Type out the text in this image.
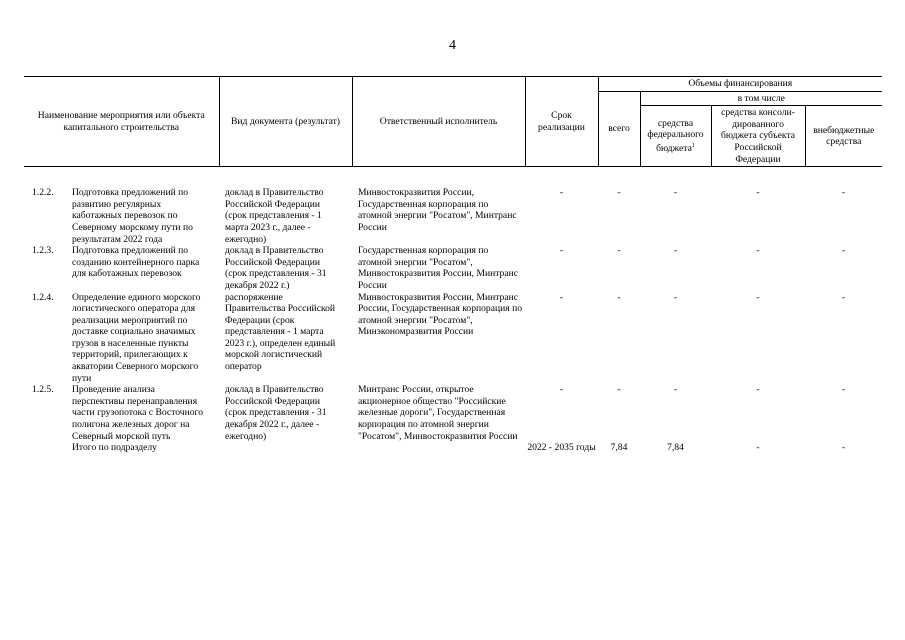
4
Наименование мероприятия или объекта капитального строительства	Вид документа (результат)	Ответственный исполнитель	Срок реализации	Объемы финансирования			
				всего	в том числе		
					средства федерального бюджета$^1$	средства консоли-дированного бюджета субъекта Российской Федерации	внебюджетные средства

1.2.2. Подготовка предложений по развитию регулярных каботажных перевозок по Северному морскому пути по результатам 2022 года	доклад в Правительство Российской Федерации (срок представления - 1 марта 2023 г., далее - ежегодно)	Минвостокразвития России, Государственная корпорация по атомной энергии "Росатом", Минтранс России	-	-	-	-	-

1.2.3. Подготовка предложений по созданию контейнерного парка для каботажных перевозок	доклад в Правительство Российской Федерации (срок представления - 31 декабря 2022 г.)	Государственная корпорация по атомной энергии "Росатом", Минвостокразвития России, Минтранс России	-	-	-	-	-

1.2.4. Определение единого морского логистического оператора для реализации мероприятий по доставке социально значимых грузов в населенные пункты территорий, прилегающих к акватории Северного морского пути	распоряжение Правительства Российской Федерации (срок представления - 1 марта 2023 г.), определен единый морской логистический оператор	Минвостокразвития России, Минтранс России, Государственная корпорация по атомной энергии "Росатом", Минэкономразвития России	-	-	-	-	-

1.2.5. Проведение анализа перспективы перенаправления части грузопотока с Восточного полигона железных дорог на Северный морской путь	доклад в Правительство Российской Федерации (срок представления - 31 декабря 2022 г., далее - ежегодно)	Минтранс России, открытое акционерное общество "Российские железные дороги", Государственная корпорация по атомной энергии "Росатом", Минвостокразвития России	-	-	-	-	-
Итого по подразделу			2022 - 2035 годы	7,84	7,84	-	-
